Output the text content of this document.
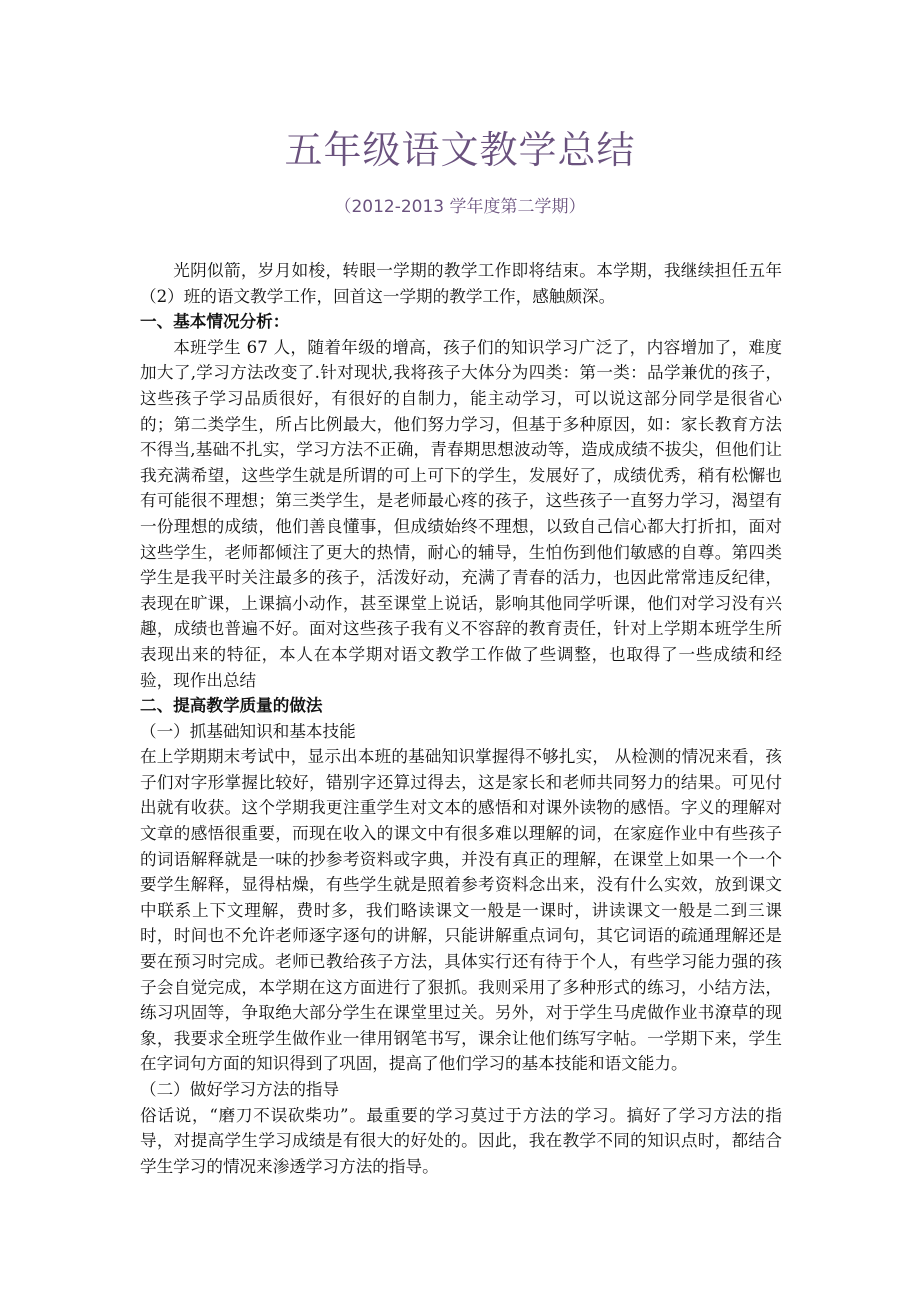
五年级语文教学总结
（2012-2013 学年度第二学期）

光阴似箭，岁月如梭，转眼一学期的教学工作即将结束。本学期，我继续担任五年（2）班的语文教学工作，回首这一学期的教学工作，感触颇深。

一、基本情况分析：

本班学生 67 人，随着年级的增高，孩子们的知识学习广泛了，内容增加了，难度加大了,学习方法改变了.针对现状,我将孩子大体分为四类：第一类：品学兼优的孩子，这些孩子学习品质很好，有很好的自制力，能主动学习，可以说这部分同学是很省心的；第二类学生，所占比例最大，他们努力学习，但基于多种原因，如：家长教育方法不得当,基础不扎实，学习方法不正确，青春期思想波动等，造成成绩不拔尖，但他们让我充满希望，这些学生就是所谓的可上可下的学生，发展好了，成绩优秀，稍有松懈也有可能很不理想；第三类学生，是老师最心疼的孩子，这些孩子一直努力学习，渴望有一份理想的成绩，他们善良懂事，但成绩始终不理想，以致自己信心都大打折扣，面对这些学生，老师都倾注了更大的热情，耐心的辅导，生怕伤到他们敏感的自尊。第四类学生是我平时关注最多的孩子，活泼好动，充满了青春的活力，也因此常常违反纪律，表现在旷课，上课搞小动作，甚至课堂上说话，影响其他同学听课，他们对学习没有兴趣，成绩也普遍不好。面对这些孩子我有义不容辞的教育责任，针对上学期本班学生所表现出来的特征，本人在本学期对语文教学工作做了些调整，也取得了一些成绩和经验，现作出总结

二、提高教学质量的做法

（一）抓基础知识和基本技能

在上学期期末考试中，显示出本班的基础知识掌握得不够扎实， 从检测的情况来看，孩子们对字形掌握比较好，错别字还算过得去，这是家长和老师共同努力的结果。可见付出就有收获。这个学期我更注重学生对文本的感悟和对课外读物的感悟。字义的理解对文章的感悟很重要，而现在收入的课文中有很多难以理解的词，在家庭作业中有些孩子的词语解释就是一味的抄参考资料或字典，并没有真正的理解，在课堂上如果一个一个要学生解释，显得枯燥，有些学生就是照着参考资料念出来，没有什么实效，放到课文中联系上下文理解，费时多，我们略读课文一般是一课时，讲读课文一般是二到三课时，时间也不允许老师逐字逐句的讲解，只能讲解重点词句，其它词语的疏通理解还是要在预习时完成。老师已教给孩子方法，具体实行还有待于个人，有些学习能力强的孩子会自觉完成，本学期在这方面进行了狠抓。我则采用了多种形式的练习，小结方法，练习巩固等，争取绝大部分学生在课堂里过关。另外，对于学生马虎做作业书潦草的现象，我要求全班学生做作业一律用钢笔书写，课余让他们练写字帖。一学期下来，学生在字词句方面的知识得到了巩固，提高了他们学习的基本技能和语文能力。

（二）做好学习方法的指导

俗话说，“磨刀不误砍柴功”。最重要的学习莫过于方法的学习。搞好了学习方法的指导，对提高学生学习成绩是有很大的好处的。因此，我在教学不同的知识点时，都结合学生学习的情况来渗透学习方法的指导。
